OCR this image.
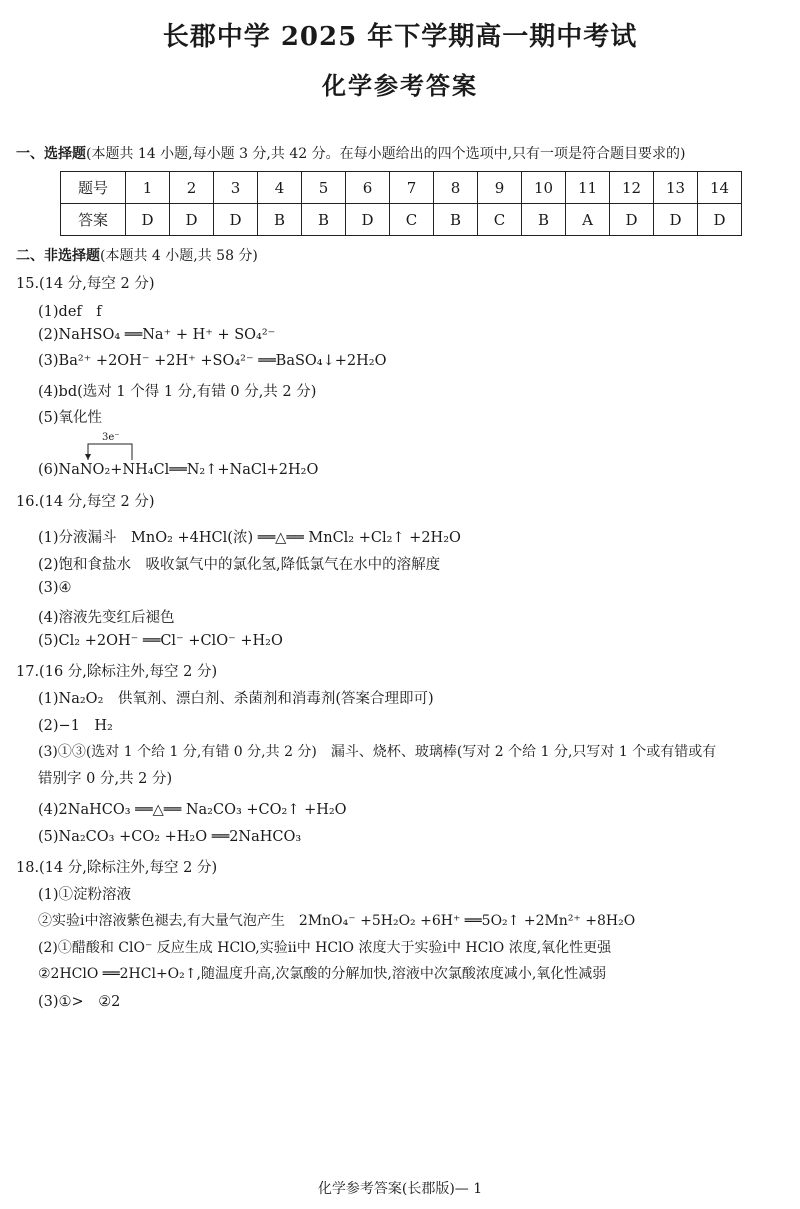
长郡中学 2025 年下学期高一期中考试
化学参考答案
一、选择题(本题共 14 小题,每小题 3 分,共 42 分。在每小题给出的四个选项中,只有一项是符合题目要求的)
题号	1	2	3	4	5	6	7	8	9	10	11	12	13	14
答案	D	D	D	B	B	D	C	B	C	B	A	D	D	D
二、非选择题(本题共 4 小题,共 58 分)
15.(14 分,每空 2 分)
(1)def　f
(2)NaHSO₄ ══Na⁺ + H⁺ + SO₄²⁻
(3)Ba²⁺ +2OH⁻ +2H⁺ +SO₄²⁻ ══BaSO₄↓+2H₂O
(4)bd(选对 1 个得 1 分,有错 0 分,共 2 分)
(5)氧化性
3e⁻
(6)NaNO₂+NH₄Cl══N₂↑+NaCl+2H₂O
16.(14 分,每空 2 分)
(1)分液漏斗　MnO₂ +4HCl(浓) ══△══ MnCl₂ +Cl₂↑ +2H₂O
(2)饱和食盐水　吸收氯气中的氯化氢,降低氯气在水中的溶解度
(3)④
(4)溶液先变红后褪色
(5)Cl₂ +2OH⁻ ══Cl⁻ +ClO⁻ +H₂O
17.(16 分,除标注外,每空 2 分)
(1)Na₂O₂　供氧剂、漂白剂、杀菌剂和消毒剂(答案合理即可)
(2)−1　H₂
(3)①③(选对 1 个给 1 分,有错 0 分,共 2 分)　漏斗、烧杯、玻璃棒(写对 2 个给 1 分,只写对 1 个或有错或有
错别字 0 分,共 2 分)
(4)2NaHCO₃ ══△══ Na₂CO₃ +CO₂↑ +H₂O
(5)Na₂CO₃ +CO₂ +H₂O ══2NaHCO₃
18.(14 分,除标注外,每空 2 分)
(1)①淀粉溶液
②实验ⅰ中溶液紫色褪去,有大量气泡产生　2MnO₄⁻ +5H₂O₂ +6H⁺ ══5O₂↑ +2Mn²⁺ +8H₂O
(2)①醋酸和 ClO⁻ 反应生成 HClO,实验ⅱ中 HClO 浓度大于实验ⅰ中 HClO 浓度,氧化性更强
②2HClO ══2HCl+O₂↑,随温度升高,次氯酸的分解加快,溶液中次氯酸浓度减小,氧化性减弱
(3)①>　②2
化学参考答案(长郡版)— 1
